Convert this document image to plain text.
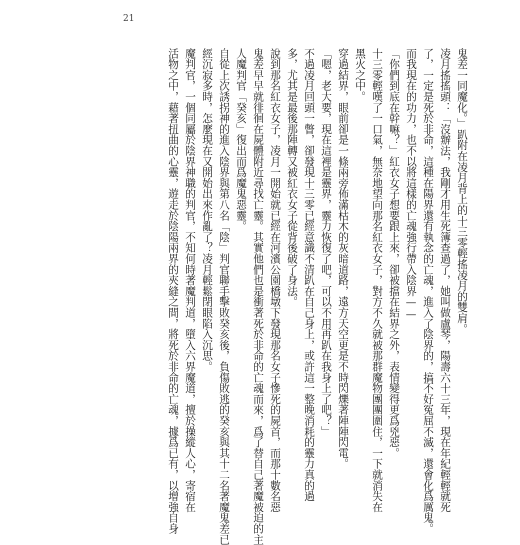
21
鬼差一同魔化。」趴附在凌月背上的十三零輕搖凌月的雙肩。
凌月搖搖頭：「沒辦法，我剛才用生死簿查過了，她叫做盧琴，陽壽六十三年，現在年紀輕輕就死
了，一定是死於非命，這種在陽界還有執念的亡魂，進入了陰界的，搞不好冤屈不滅，還會化爲厲鬼。
而我現在的功力，也不以將這樣的亡魂強行帶入陰界——
「你們到底在幹嘛？」紅衣女子想要跟上來，卻被擋在結界之外，表情變得更爲兇惡。
十三零輕嘆了一口氣，無奈地望向那名紅衣女子，對方不久就被那群魔物團團圍住，一下就消失在
黑火之中。
穿過結界，眼前卻是一條兩旁佈滿枯木的灰暗道路，遠方天空更是不時閃爍著陣陣閃電。
「嗯，老大要，現在這裡是靈界，靈力恢復了吧，可以不用再趴在我身上了吧？」
不過凌月回頭一瞥，卻發現十三零已經意識不清趴在自己身上，或許這一整晚消耗的靈力真的過
多，尤其是最後那陣轉又被紅衣女子從背後破了身法。
說到那名紅衣女子，凌月一開始就已經在河濱公園橋墩下發現那名女子慘死的屍首，而那十數名惡
鬼差早早就徘徊在屍體附近尋找亡靈。其實他們也是衝著死於非命的亡魂而來，爲了替自己著魔被迫的主
人魔判官「癸亥」復出而爲魔鬼惡靈。
自從上次誘拐神的進入陰界與第八名「陰」判官聯手擊敗癸亥後，負傷敗逃的癸亥與其十二名著魔鬼差已
經沉寂多時，怎麼現在又開始出來作亂了？凌月輕鬆閉眼陷入沉思。
魔判官，一個同屬於陰界神職的判官，不知何時著魔判道，墮入六界魔道，擅於操縱人心，寄宿在
活物之中，藉著扭曲的心靈，遊走於陰陽兩界的夾縫之間，將死於非命的亡魂，據爲已有，以增強自身
